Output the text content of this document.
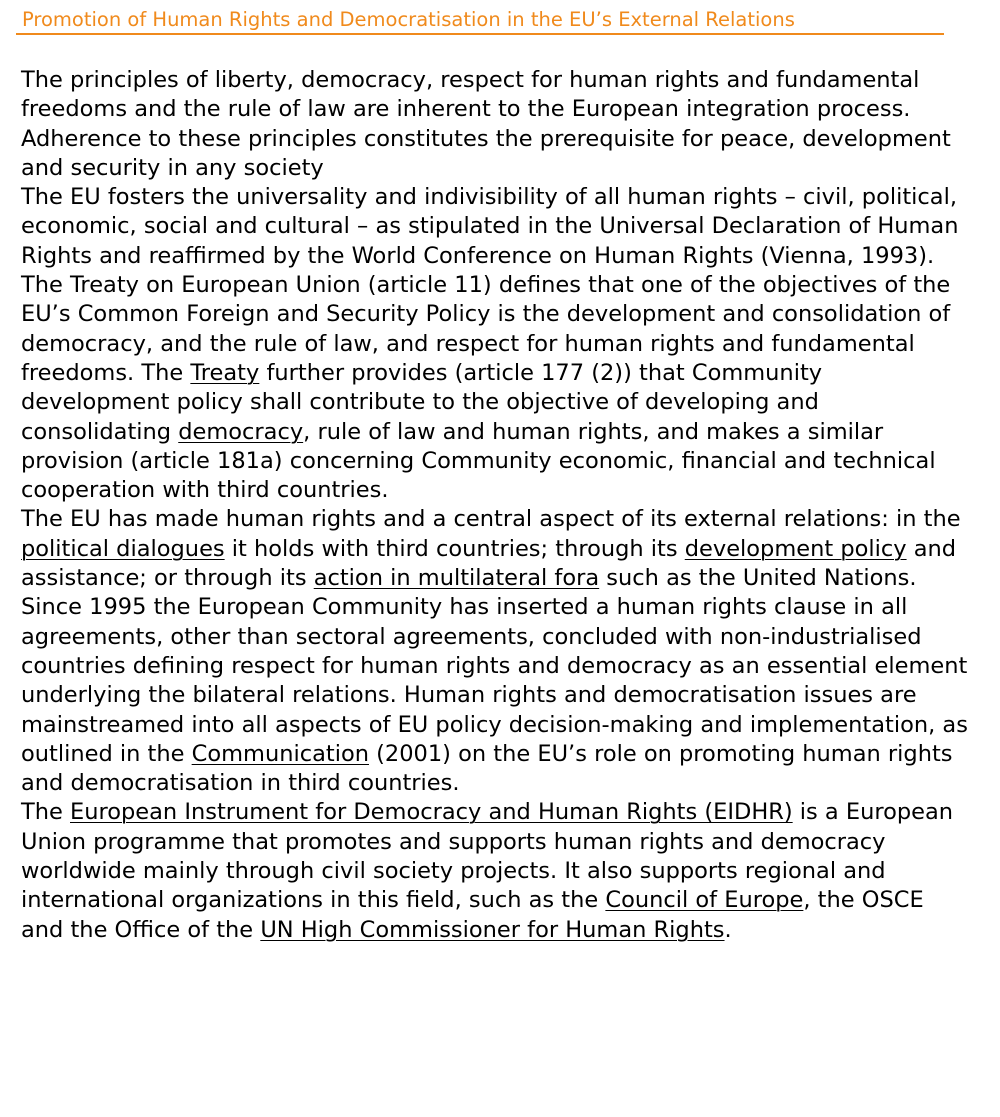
Promotion of Human Rights and Democratisation in the EU’s External Relations

The principles of liberty, democracy, respect for human rights and fundamental freedoms and the rule of law are inherent to the European integration process. Adherence to these principles constitutes the prerequisite for peace, development and security in any society

The EU fosters the universality and indivisibility of all human rights – civil, political, economic, social and cultural – as stipulated in the Universal Declaration of Human Rights and reaffirmed by the World Conference on Human Rights (Vienna, 1993). The Treaty on European Union (article 11) defines that one of the objectives of the EU’s Common Foreign and Security Policy is the development and consolidation of democracy, and the rule of law, and respect for human rights and fundamental freedoms. The Treaty further provides (article 177 (2)) that Community development policy shall contribute to the objective of developing and consolidating democracy, rule of law and human rights, and makes a similar provision (article 181a) concerning Community economic, financial and technical cooperation with third countries.

The EU has made human rights and a central aspect of its external relations: in the political dialogues it holds with third countries; through its development policy and assistance; or through its action in multilateral fora such as the United Nations.

Since 1995 the European Community has inserted a human rights clause in all agreements, other than sectoral agreements, concluded with non-industrialised countries defining respect for human rights and democracy as an essential element underlying the bilateral relations. Human rights and democratisation issues are mainstreamed into all aspects of EU policy decision-making and implementation, as outlined in the Communication (2001) on the EU’s role on promoting human rights and democratisation in third countries.

The European Instrument for Democracy and Human Rights (EIDHR) is a European Union programme that promotes and supports human rights and democracy worldwide mainly through civil society projects. It also supports regional and international organizations in this field, such as the Council of Europe, the OSCE and the Office of the UN High Commissioner for Human Rights.
